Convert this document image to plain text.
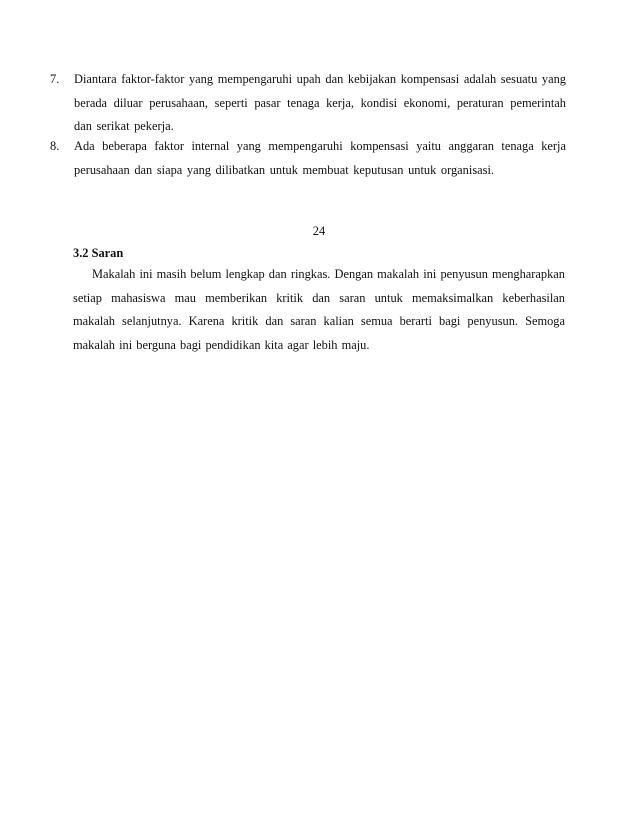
7.	Diantara faktor-faktor yang mempengaruhi upah dan kebijakan kompensasi adalah sesuatu yang berada diluar perusahaan, seperti pasar tenaga kerja, kondisi ekonomi, peraturan pemerintah dan serikat pekerja.
8.	Ada beberapa faktor internal yang mempengaruhi kompensasi yaitu anggaran tenaga kerja perusahaan dan siapa yang dilibatkan untuk membuat keputusan untuk organisasi.
24
3.2 Saran
Makalah ini masih belum lengkap dan ringkas. Dengan makalah ini penyusun mengharapkan setiap mahasiswa mau memberikan kritik dan saran untuk memaksimalkan keberhasilan makalah selanjutnya. Karena kritik dan saran kalian semua berarti bagi penyusun. Semoga makalah ini berguna bagi pendidikan kita agar lebih maju.
